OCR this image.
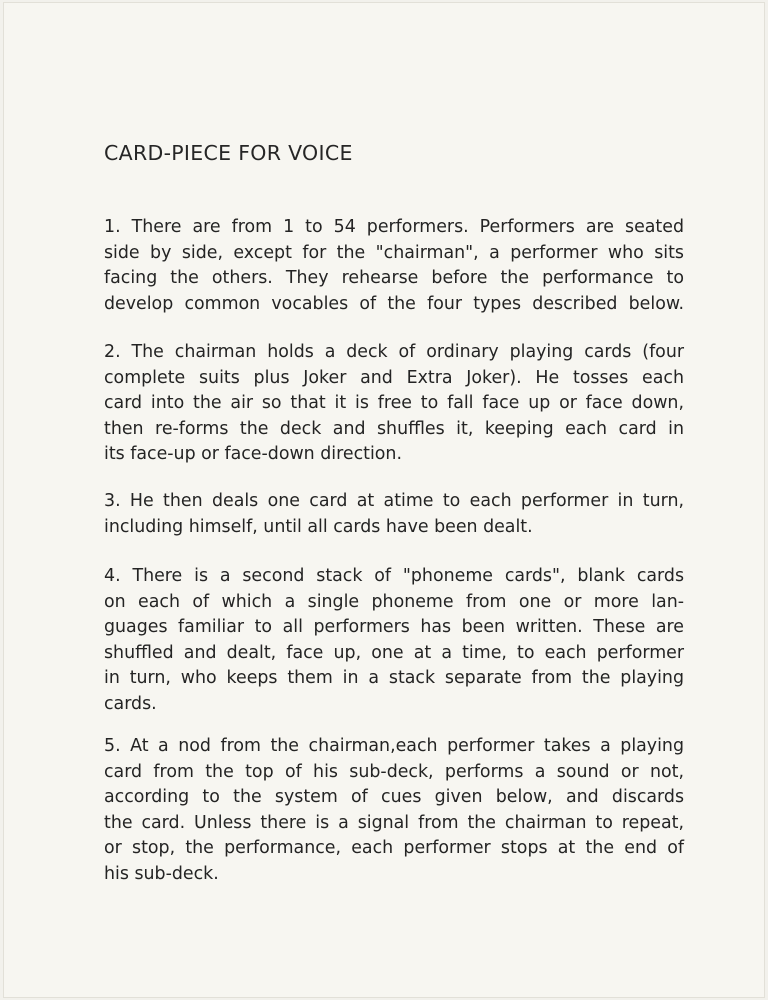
CARD-PIECE FOR VOICE
1. There are from 1 to 54 performers. Performers are seated
side by side, except for the "chairman", a performer who sits
facing the others. They rehearse before the performance to
develop common vocables of the four types described below.
2. The chairman holds a deck of ordinary playing cards (four
complete suits plus Joker and Extra Joker). He tosses each
card into the air so that it is free to fall face up or face down,
then re-forms the deck and shuffles it, keeping each card in
its face-up or face-down direction.
3. He then deals one card at atime to each performer in turn,
including himself, until all cards have been dealt.
4. There is a second stack of "phoneme cards", blank cards
on each of which a single phoneme from one or more lan-
guages familiar to all performers has been written. These are
shuffled and dealt, face up, one at a time, to each performer
in turn, who keeps them in a stack separate from the playing
cards.
5. At a nod from the chairman,each performer takes a playing
card from the top of his sub-deck, performs a sound or not,
according to the system of cues given below, and discards
the card. Unless there is a signal from the chairman to repeat,
or stop, the performance, each performer stops at the end of
his sub-deck.
